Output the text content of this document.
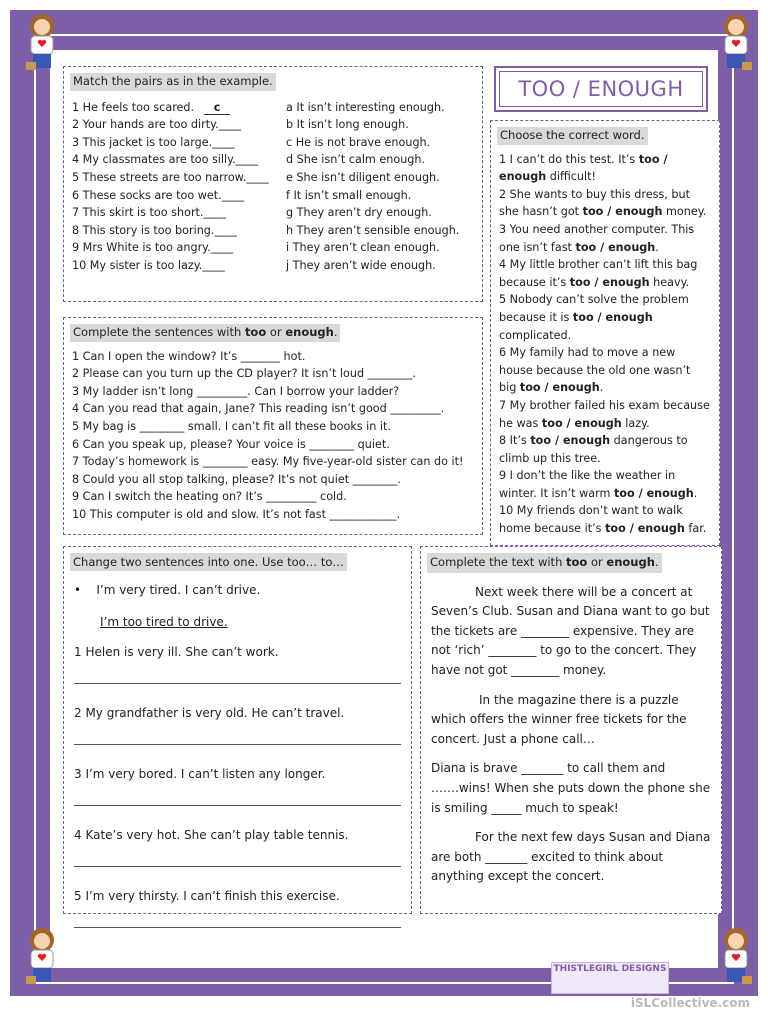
TOO / ENOUGH
Match the pairs as in the example.
1 He feels too scared. c	a It isn’t interesting enough.
2 Your hands are too dirty.____	b It isn’t long enough.
3 This jacket is too large.____	c He is not brave enough.
4 My classmates are too silly.____	d She isn’t calm enough.
5 These streets are too narrow.____	e She isn’t diligent enough.
6 These socks are too wet.____	f It isn’t small enough.
7 This skirt is too short.____	g They aren’t dry enough.
8 This story is too boring.____	h They aren’t sensible enough.
9 Mrs White is too angry.____	i They aren’t clean enough.
10 My sister is too lazy.____	j They aren’t wide enough.
Complete the sentences with too or enough.
1 Can I open the window? It’s _______ hot.
2 Please can you turn up the CD player? It isn’t loud ________.
3 My ladder isn’t long _________. Can I borrow your ladder?
4 Can you read that again, Jane? This reading isn’t good _________.
5 My bag is ________ small. I can’t fit all these books in it.
6 Can you speak up, please? Your voice is ________ quiet.
7 Today’s homework is ________ easy. My five-year-old sister can do it!
8 Could you all stop talking, please? It’s not quiet ________.
9 Can I switch the heating on? It’s _________ cold.
10 This computer is old and slow. It’s not fast ____________.
Choose the correct word.
1 I can’t do this test. It’s too / enough difficult!
2 She wants to buy this dress, but she hasn’t got too / enough money.
3 You need another computer. This one isn’t fast too / enough.
4 My little brother can’t lift this bag because it’s too / enough heavy.
5 Nobody can’t solve the problem because it is too / enough complicated.
6 My family had to move a new house because the old one wasn’t big too / enough.
7 My brother failed his exam because he was too / enough lazy.
8 It’s too / enough dangerous to climb up this tree.
9 I don’t the like the weather in winter. It isn’t warm too / enough.
10 My friends don’t want to walk home because it’s too / enough far.
Change two sentences into one. Use too… to…
•    I’m very tired. I can’t drive.
I’m too tired to drive.
1 Helen is very ill. She can’t work.
2 My grandfather is very old. He can’t travel.
3 I’m very bored. I can’t listen any longer.
4 Kate’s very hot. She can’t play table tennis.
5 I’m very thirsty. I can’t finish this exercise.
Complete the text with too or enough.

Next week there will be a concert at Seven’s Club. Susan and Diana want to go but the tickets are ________ expensive. They are not ‘rich’ ________ to go to the concert. They have not got ________ money.

In the magazine there is a puzzle which offers the winner free tickets for the concert. Just a phone call…

Diana is brave _______ to call them and …….wins! When she puts down the phone she is smiling _____ much to speak!

For the next few days Susan and Diana are both _______ excited to think about anything except the concert.

THISTLEGIRL DESIGNS
iSLCollective.com
